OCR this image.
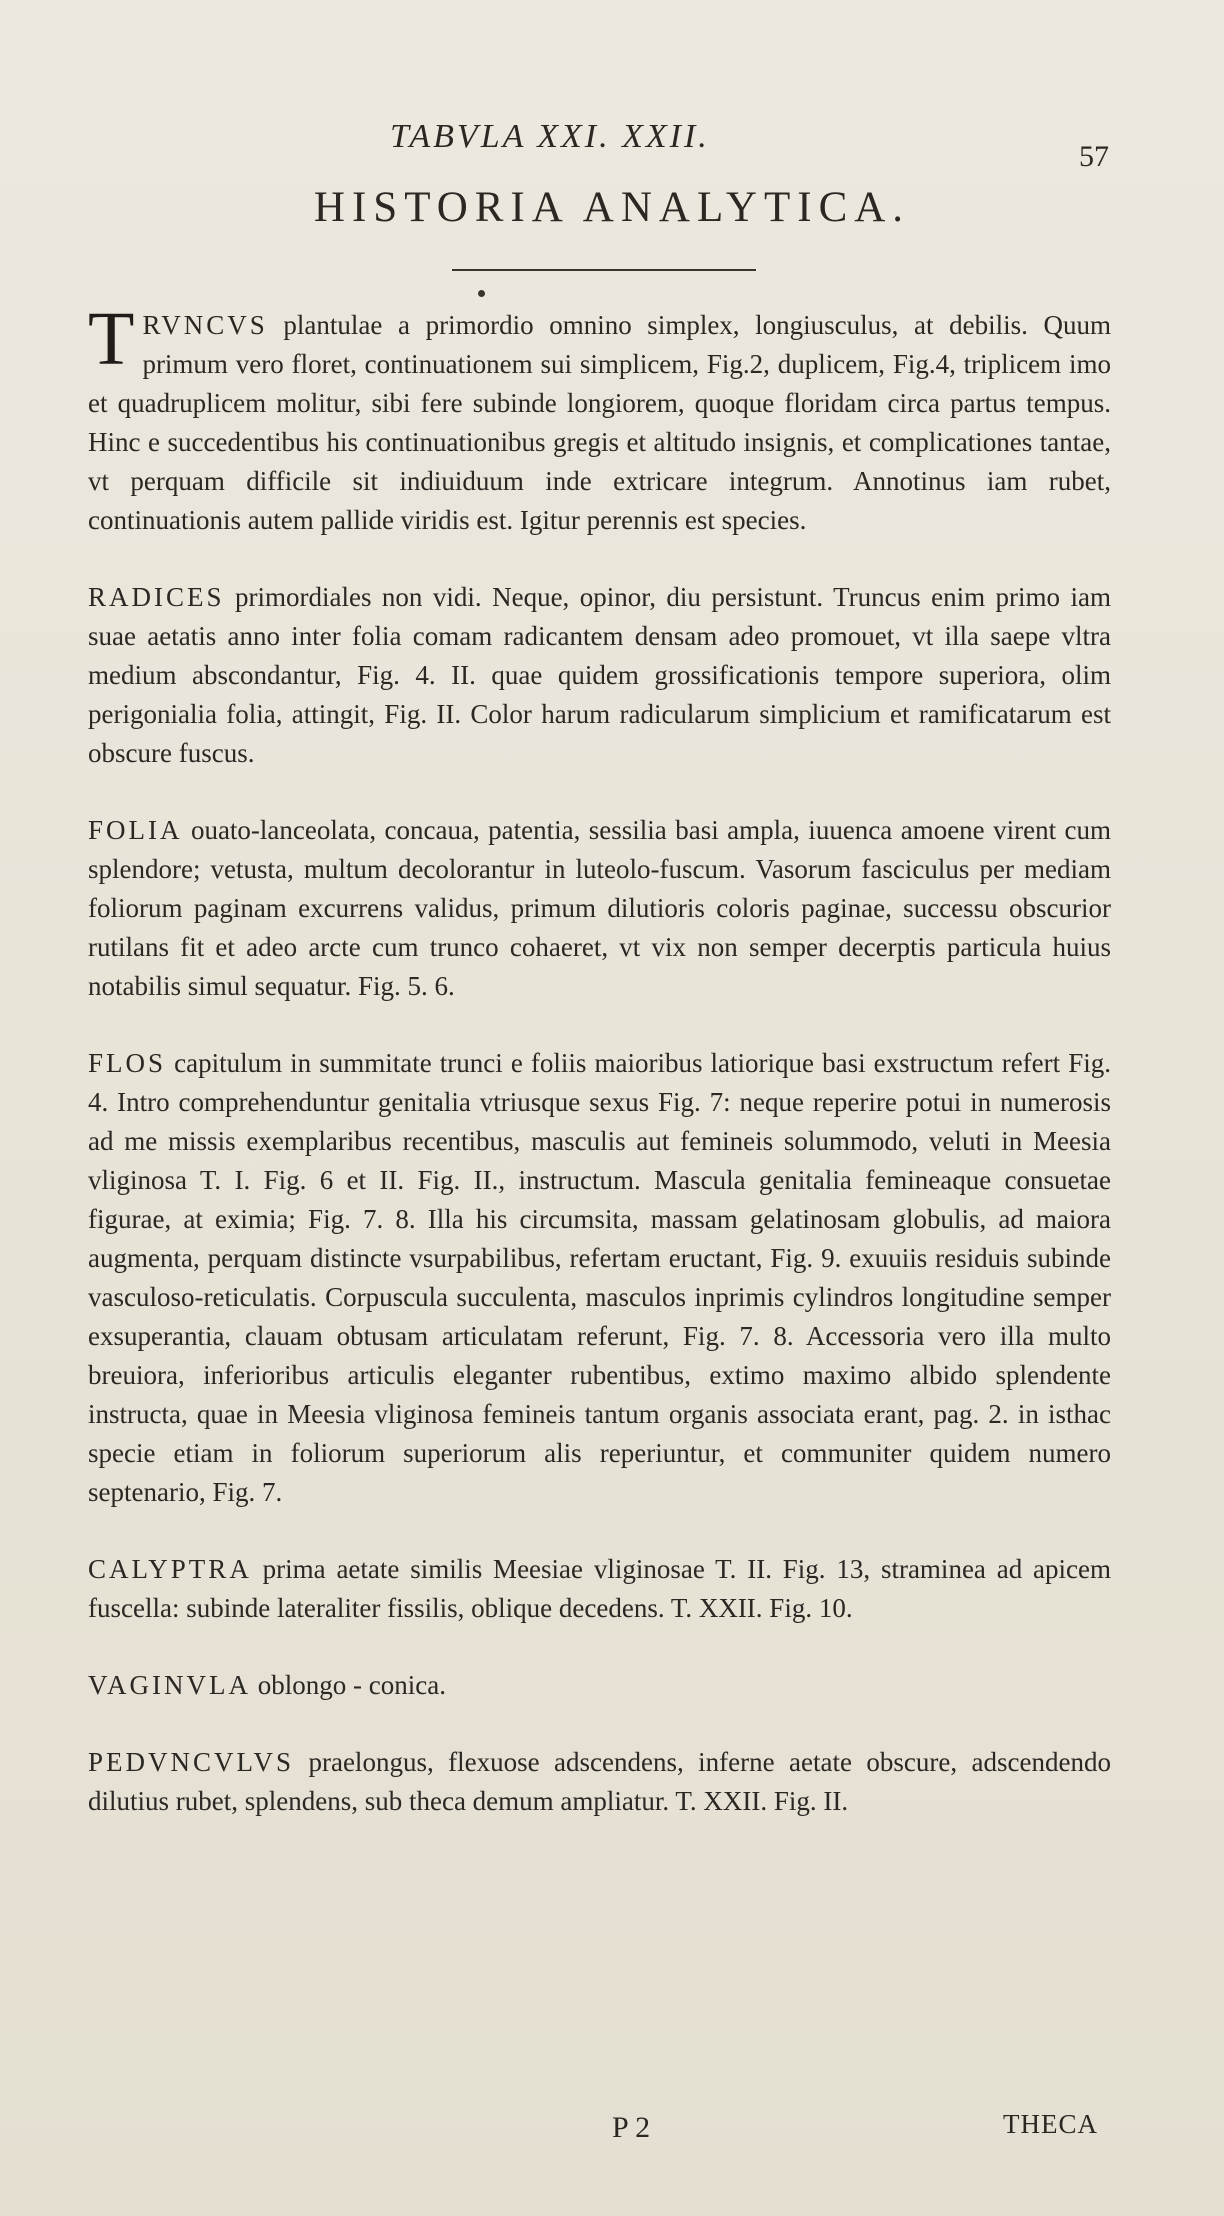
TABVLA XXI. XXII.
57
HISTORIA ANALYTICA.

TRVNCVS plantulae a primordio omnino simplex, longiusculus, at debilis. Quum primum vero floret, continuationem sui simplicem, Fig.2, duplicem, Fig.4, triplicem imo et quadruplicem molitur, sibi fere subinde longiorem, quoque floridam circa partus tempus. Hinc e succedentibus his continuationibus gregis et altitudo insignis, et complicationes tantae, vt perquam difficile sit indiuiduum inde extricare integrum. Annotinus iam rubet, continuationis autem pallide viridis est. Igitur perennis est species.

RADICES primordiales non vidi. Neque, opinor, diu persistunt. Truncus enim primo iam suae aetatis anno inter folia comam radicantem densam adeo promouet, vt illa saepe vltra medium abscondantur, Fig. 4. II. quae quidem grossificationis tempore superiora, olim perigonialia folia, attingit, Fig. II. Color harum radicularum simplicium et ramificatarum est obscure fuscus.

FOLIA ouato-lanceolata, concaua, patentia, sessilia basi ampla, iuuenca amoene virent cum splendore; vetusta, multum decolorantur in luteolo-fuscum. Vasorum fasciculus per mediam foliorum paginam excurrens validus, primum dilutioris coloris paginae, successu obscurior rutilans fit et adeo arcte cum trunco cohaeret, vt vix non semper decerptis particula huius notabilis simul sequatur. Fig. 5. 6.

FLOS capitulum in summitate trunci e foliis maioribus latiorique basi exstructum refert Fig. 4. Intro comprehenduntur genitalia vtriusque sexus Fig. 7: neque reperire potui in numerosis ad me missis exemplaribus recentibus, masculis aut femineis solummodo, veluti in Meesia vliginosa T. I. Fig. 6 et II. Fig. II., instructum. Mascula genitalia femineaque consuetae figurae, at eximia; Fig. 7. 8. Illa his circumsita, massam gelatinosam globulis, ad maiora augmenta, perquam distincte vsurpabilibus, refertam eructant, Fig. 9. exuuiis residuis subinde vasculoso-reticulatis. Corpuscula succulenta, masculos inprimis cylindros longitudine semper exsuperantia, clauam obtusam articulatam referunt, Fig. 7. 8. Accessoria vero illa multo breuiora, inferioribus articulis eleganter rubentibus, extimo maximo albido splendente instructa, quae in Meesia vliginosa femineis tantum organis associata erant, pag. 2. in isthac specie etiam in foliorum superiorum alis reperiuntur, et communiter quidem numero septenario, Fig. 7.

CALYPTRA prima aetate similis Meesiae vliginosae T. II. Fig. 13, straminea ad apicem fuscella: subinde lateraliter fissilis, oblique decedens. T. XXII. Fig. 10.

VAGINVLA oblongo - conica.

PEDVNCVLVS praelongus, flexuose adscendens, inferne aetate obscure, adscendendo dilutius rubet, splendens, sub theca demum ampliatur. T. XXII. Fig. II.

P 2	THECA
